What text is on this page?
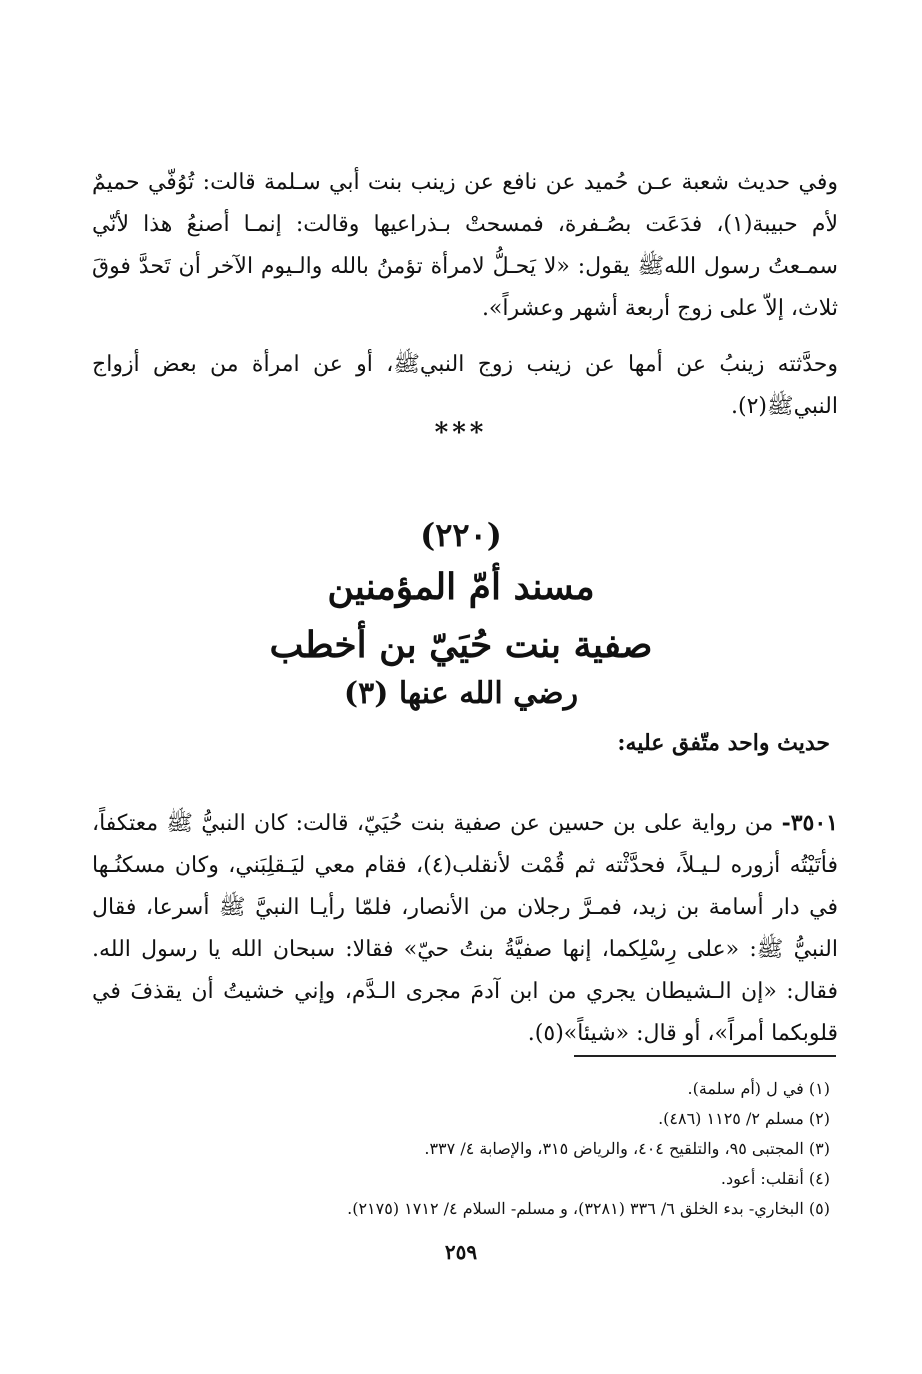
وفي حديث شعبة عـن حُميد عن نافع عن زينب بنت أبي سـلمة قالت: تُوُفّي حميمٌ لأم حبيبة(١)، فدَعَت بصُـفرة، فمسحتْ بـذراعيها وقالت: إنمـا أصنعُ هذا لأنّي سمـعتُ رسول اللهﷺ يقول: «لا يَحـلُّ لامرأة تؤمنُ بالله والـيوم الآخر أن تَحدَّ فوقَ ثلاث، إلاّ على زوج أربعة أشهر وعشراً».

وحدَّثته زينبُ عن أمها عن زينب زوج النبيﷺ، أو عن امرأة من بعض أزواج النبيﷺ(٢).

***
(٢٢٠)
مسند أمّ المؤمنين
صفية بنت حُيَيّ بن أخطب
رضي الله عنها (٣)
حديث واحد متّفق عليه:

٣٥٠١- من رواية على بن حسين عن صفية بنت حُيَيّ، قالت: كان النبيُّ ﷺ معتكفاً، فأتَيْتُه أزوره لـيـلاً، فحدَّثْته ثم قُمْت لأنقلب(٤)، فقام معي ليَـقلِبَني، وكان مسكنُـها في دار أسامة بن زيد، فمـرَّ رجلان من الأنصار، فلمّا رأيـا النبيَّ ﷺ أسرعا، فقال النبيُّ ﷺ: «على رِسْلِكما، إنها صفيَّةُ بنتُ حيّ» فقالا: سبحان الله يا رسول الله. فقال: «إن الـشيطان يجري من ابن آدمَ مجرى الـدَّم، وإني خشيتُ أن يقذفَ في قلوبكما أمراً»، أو قال: «شيئاً»(٥).

(١) في ل (أم سلمة).

(٢) مسلم ٢/ ١١٢٥ (٤٨٦).

(٣) المجتبى ٩٥، والتلقيح ٤٠٤، والرياض ٣١٥، والإصابة ٤/ ٣٣٧.

(٤) أنقلب: أعود.

(٥) البخاري- بدء الخلق ٦/ ٣٣٦ (٣٢٨١)، و مسلم- السلام ٤/ ١٧١٢ (٢١٧٥).

٢٥٩
